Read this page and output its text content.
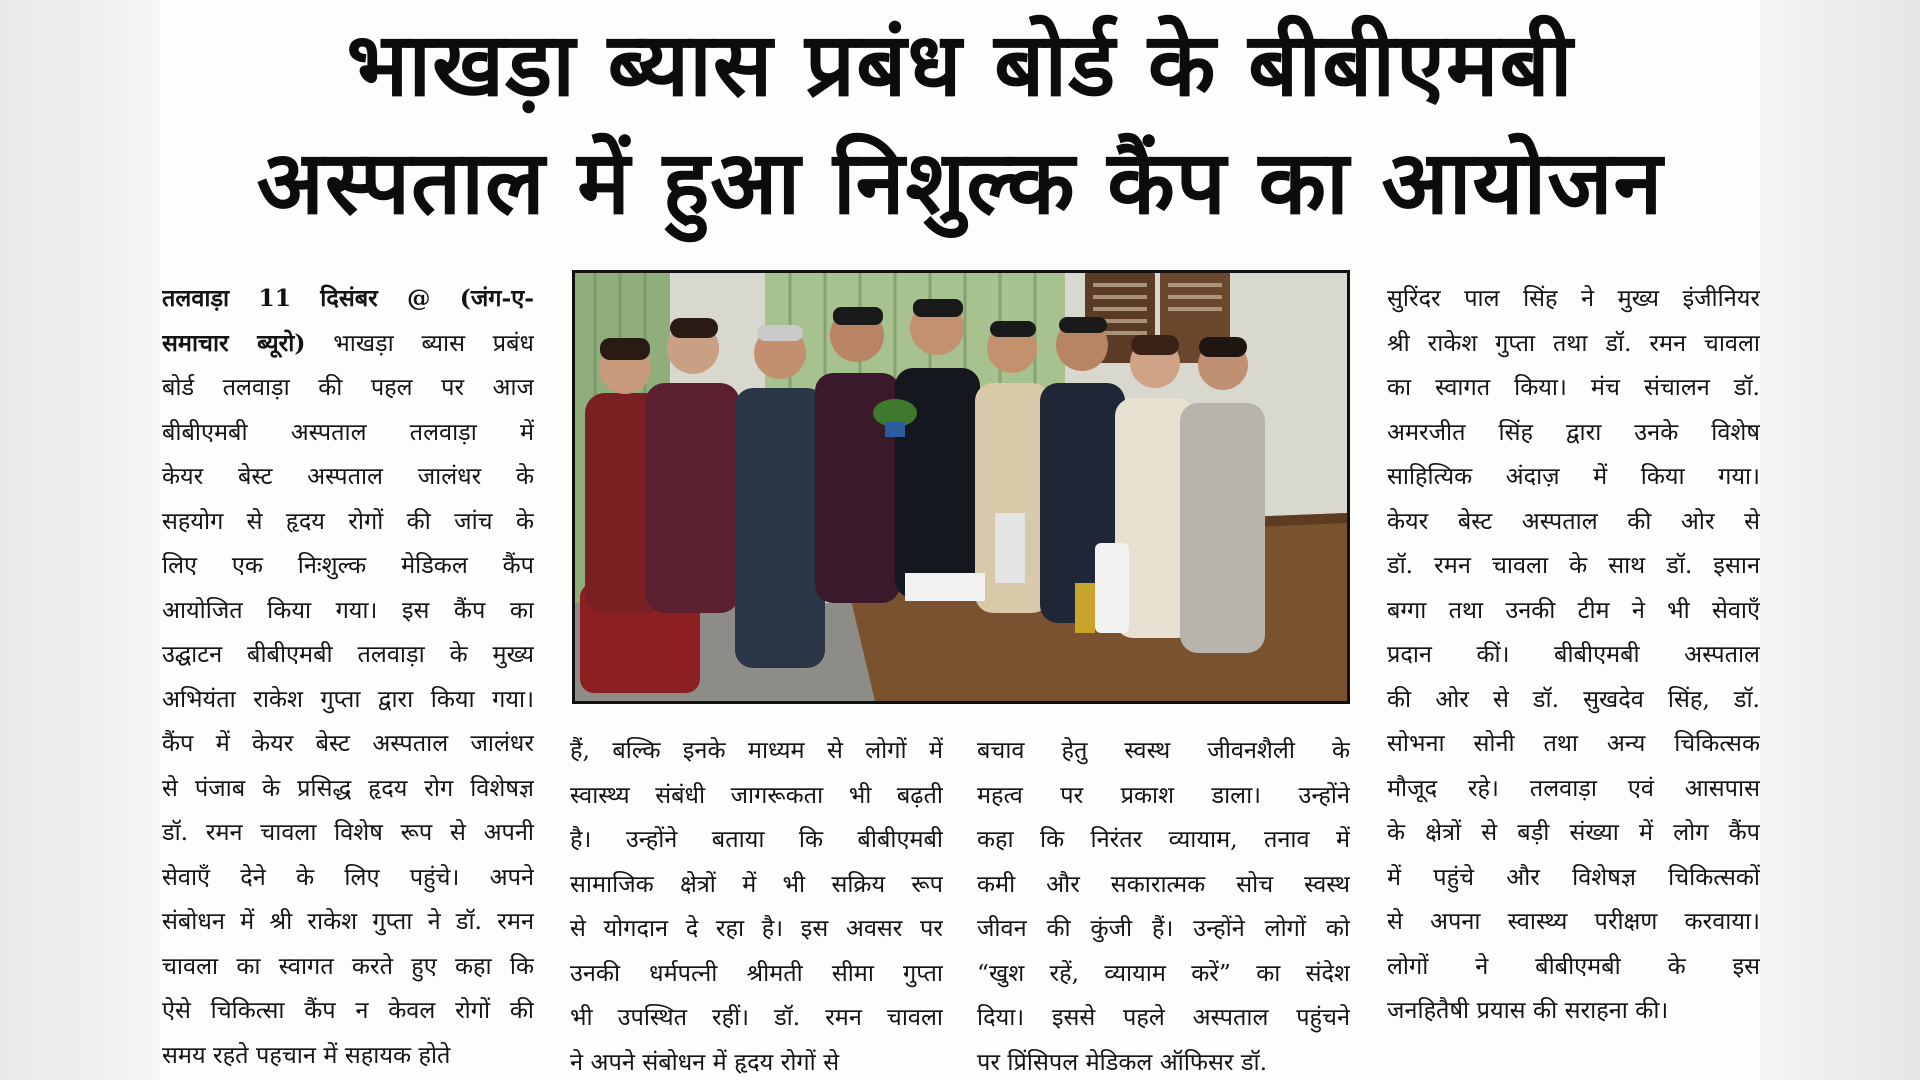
भाखड़ा ब्यास प्रबंध बोर्ड के बीबीएमबी
अस्पताल में हुआ निशुल्क कैंप का आयोजन
तलवाड़ा 11 दिसंबर @ (जंग-ए-
समाचार ब्यूरो) भाखड़ा ब्यास प्रबंध
बोर्ड तलवाड़ा की पहल पर आज
बीबीएमबी अस्पताल तलवाड़ा में
केयर बेस्ट अस्पताल जालंधर के
सहयोग से हृदय रोगों की जांच के
लिए एक निःशुल्क मेडिकल कैंप
आयोजित किया गया। इस कैंप का
उद्घाटन बीबीएमबी तलवाड़ा के मुख्य
अभियंता राकेश गुप्ता द्वारा किया गया।
कैंप में केयर बेस्ट अस्पताल जालंधर
से पंजाब के प्रसिद्ध हृदय रोग विशेषज्ञ
डॉ. रमन चावला विशेष रूप से अपनी
सेवाएँ देने के लिए पहुंचे। अपने
संबोधन में श्री राकेश गुप्ता ने डॉ. रमन
चावला का स्वागत करते हुए कहा कि
ऐसे चिकित्सा कैंप न केवल रोगों की
समय रहते पहचान में सहायक होते
हैं, बल्कि इनके माध्यम से लोगों में
स्वास्थ्य संबंधी जागरूकता भी बढ़ती
है। उन्होंने बताया कि बीबीएमबी
सामाजिक क्षेत्रों में भी सक्रिय रूप
से योगदान दे रहा है। इस अवसर पर
उनकी धर्मपत्नी श्रीमती सीमा गुप्ता
भी उपस्थित रहीं। डॉ. रमन चावला
ने अपने संबोधन में हृदय रोगों से
बचाव हेतु स्वस्थ जीवनशैली के
महत्व पर प्रकाश डाला। उन्होंने
कहा कि निरंतर व्यायाम, तनाव में
कमी और सकारात्मक सोच स्वस्थ
जीवन की कुंजी हैं। उन्होंने लोगों को
“खुश रहें, व्यायाम करें” का संदेश
दिया। इससे पहले अस्पताल पहुंचने
पर प्रिंसिपल मेडिकल ऑफिसर डॉ.
सुरिंदर पाल सिंह ने मुख्य इंजीनियर
श्री राकेश गुप्ता तथा डॉ. रमन चावला
का स्वागत किया। मंच संचालन डॉ.
अमरजीत सिंह द्वारा उनके विशेष
साहित्यिक अंदाज़ में किया गया।
केयर बेस्ट अस्पताल की ओर से
डॉ. रमन चावला के साथ डॉ. इसान
बग्गा तथा उनकी टीम ने भी सेवाएँ
प्रदान कीं। बीबीएमबी अस्पताल
की ओर से डॉ. सुखदेव सिंह, डॉ.
सोभना सोनी तथा अन्य चिकित्सक
मौजूद रहे। तलवाड़ा एवं आसपास
के क्षेत्रों से बड़ी संख्या में लोग कैंप
में पहुंचे और विशेषज्ञ चिकित्सकों
से अपना स्वास्थ्य परीक्षण करवाया।
लोगों ने बीबीएमबी के इस
जनहितैषी प्रयास की सराहना की।
